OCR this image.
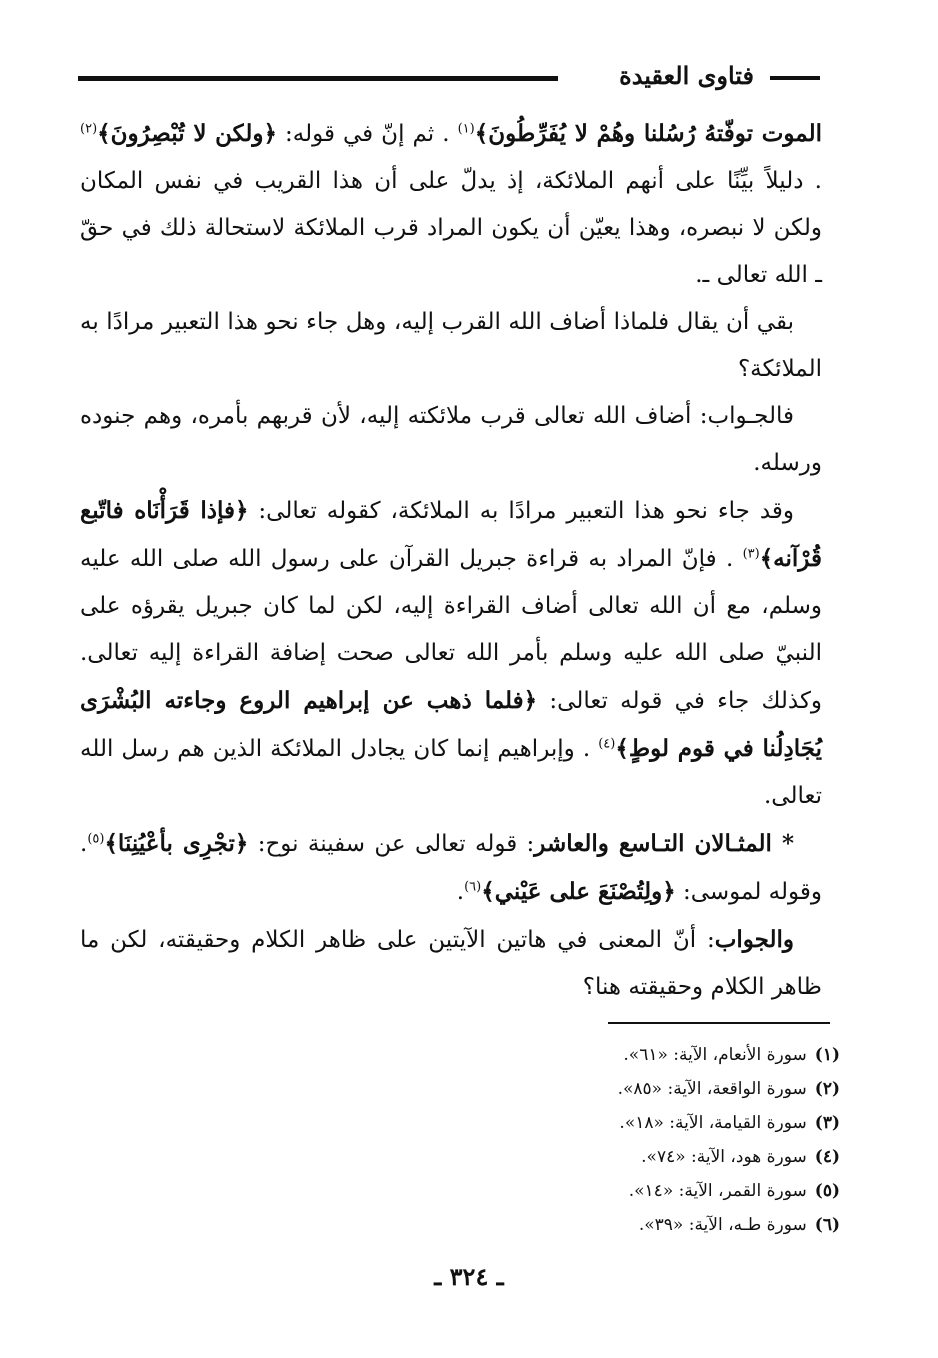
فتاوى العقيدة

الموت توفّتهُ رُسُلنا وهُمْ لا يُفَرِّطُونَ﴾$^{(١)}$ . ثم إنّ في قوله: ﴿ولكن لا تُبْصِرُونَ﴾$^{(٢)}$ . دليلاً بيِّنًا على أنهم الملائكة، إذ يدلّ على أن هذا القريب في نفس المكان ولكن لا نبصره، وهذا يعيّن أن يكون المراد قرب الملائكة لاستحالة ذلك في حقّ ـ الله تعالى ـ.

بقي أن يقال فلماذا أضاف الله القرب إليه، وهل جاء نحو هذا التعبير مرادًا به الملائكة؟

فالجـواب: أضاف الله تعالى قرب ملائكته إليه، لأن قربهم بأمره، وهم جنوده ورسله.

وقد جاء نحو هذا التعبير مرادًا به الملائكة، كقوله تعالى: ﴿فإذا قَرَأْنَاه فاتّبع قُرْآنه﴾$^{(٣)}$ . فإنّ المراد به قراءة جبريل القرآن على رسول الله صلى الله عليه وسلم، مع أن الله تعالى أضاف القراءة إليه، لكن لما كان جبريل يقرؤه على النبيّ صلى الله عليه وسلم بأمر الله تعالى صحت إضافة القراءة إليه تعالى. وكذلك جاء في قوله تعالى: ﴿فلما ذهب عن إبراهيم الروع وجاءته البُشْرَى يُجَادِلُنا في قوم لوطٍ﴾$^{(٤)}$ . وإبراهيم إنما كان يجادل الملائكة الذين هم رسل الله تعالى.

* المثـالان التـاسع والعاشر: قوله تعالى عن سفينة نوح: ﴿تجْرِى بأعْيُنِنَا﴾$^{(٥)}$. وقوله لموسى: ﴿ولِتُصْنَعَ على عَيْني﴾$^{(٦)}$.

والجواب: أنّ المعنى في هاتين الآيتين على ظاهر الكلام وحقيقته، لكن ما ظاهر الكلام وحقيقته هنا؟

(١)سورة الأنعام، الآية: «٦١».
(٢)سورة الواقعة، الآية: «٨٥».
(٣)سورة القيامة، الآية: «١٨».
(٤)سورة هود، الآية: «٧٤».
(٥)سورة القمر، الآية: «١٤».
(٦)سورة طـه، الآية: «٣٩».
ـ ٣٢٤ ـ
